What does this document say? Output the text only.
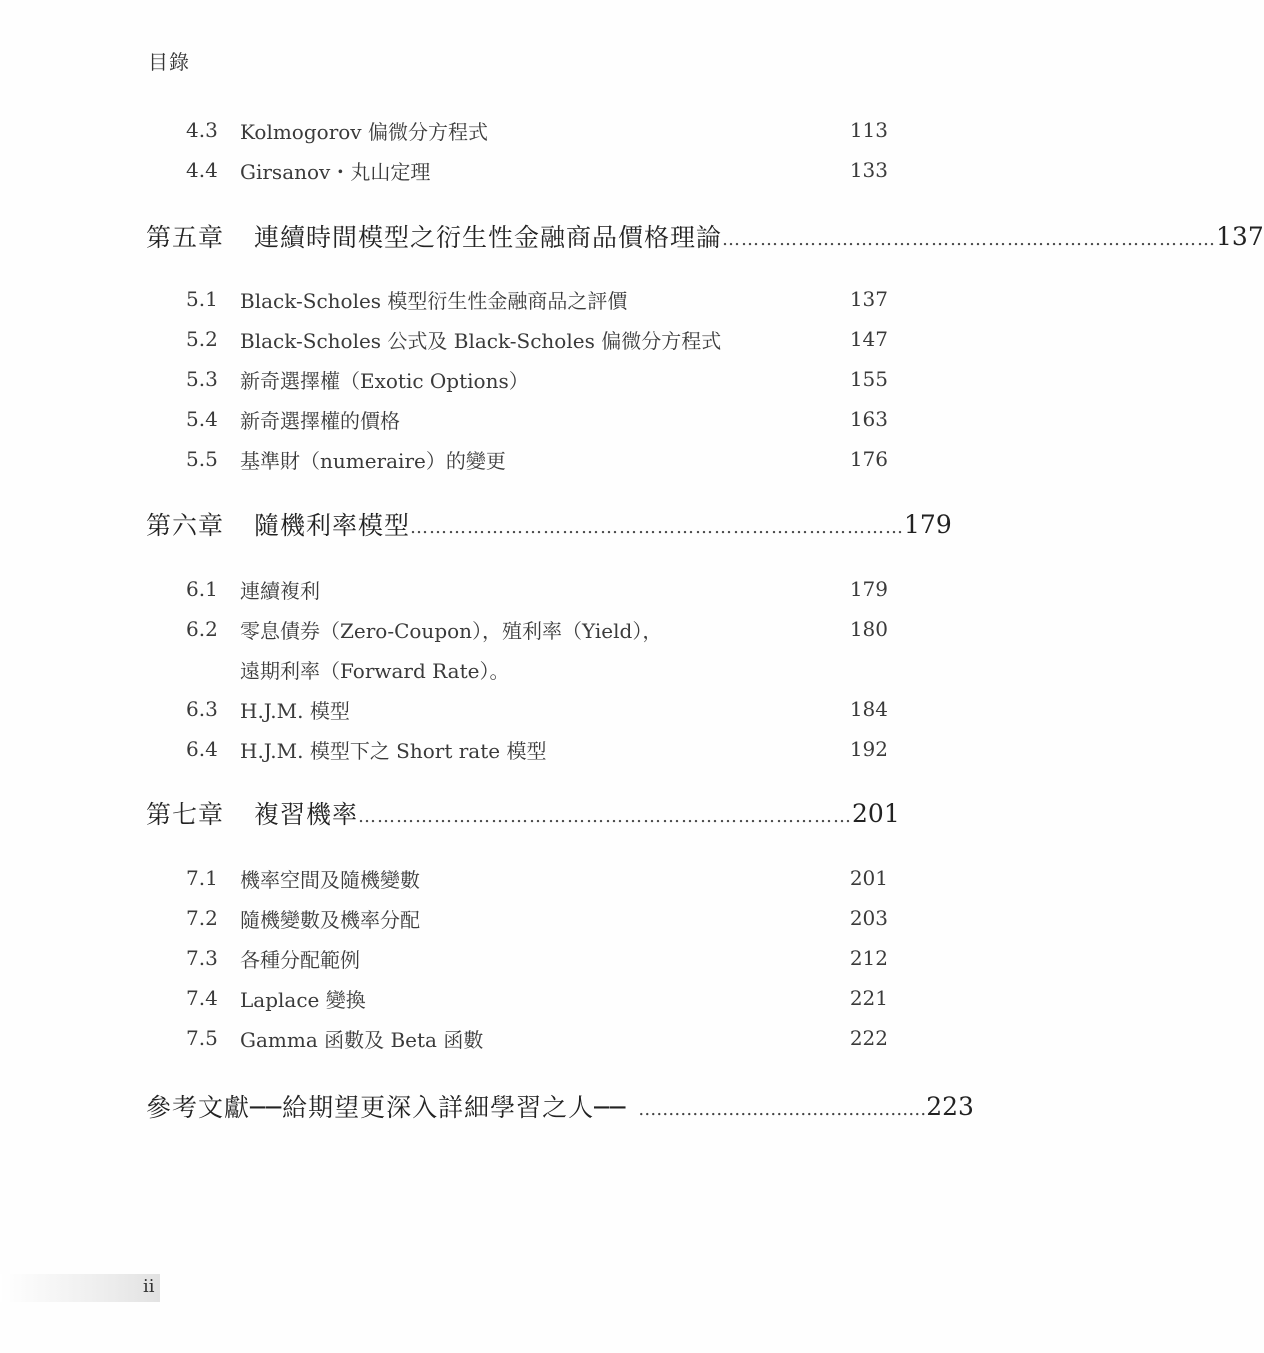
目錄
4.3	Kolmogorov 偏微分方程式	113
4.4	Girsanov・丸山定理	133
第五章 連續時間模型之衍生性金融商品價格理論 …………………………………………………………………… 137
5.1	Black-Scholes 模型衍生性金融商品之評價	137
5.2	Black-Scholes 公式及 Black-Scholes 偏微分方程式	147
5.3	新奇選擇權（Exotic Options）	155
5.4	新奇選擇權的價格	163
5.5	基準財（numeraire）的變更	176
第六章 隨機利率模型 …………………………………………………………………… 179
6.1	連續複利	179
6.2	零息債券（Zero-Coupon），殖利率（Yield），	180
遠期利率（Forward Rate）。
6.3	H.J.M. 模型	184
6.4	H.J.M. 模型下之 Short rate 模型	192
第七章 複習機率 …………………………………………………………………… 201
7.1	機率空間及隨機變數	201
7.2	隨機變數及機率分配	203
7.3	各種分配範例	212
7.4	Laplace 變換	221
7.5	Gamma 函數及 Beta 函數	222
參考文獻──給期望更深入詳細學習之人── ………………………………………… 223
ii
